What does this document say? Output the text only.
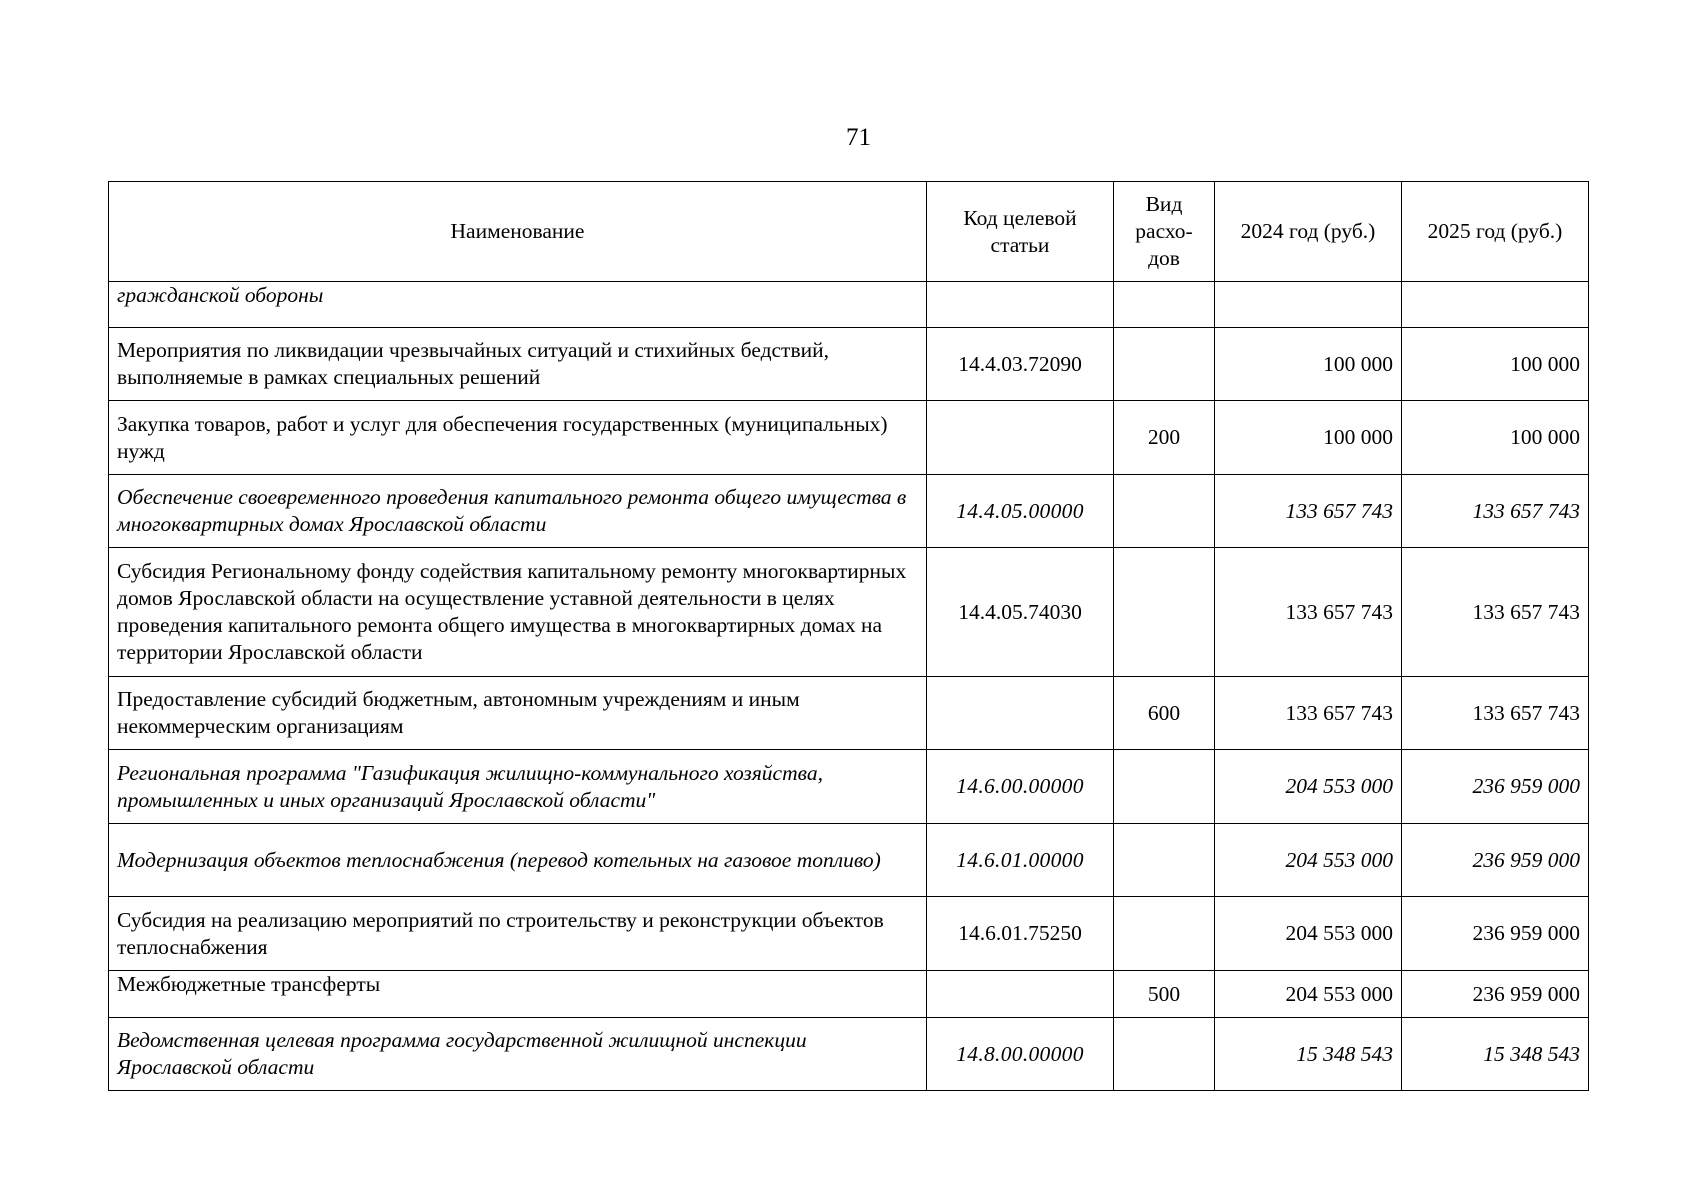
71
Наименование	Код целевой статьи	Вид расхо-дов	2024 год (руб.)	2025 год (руб.)
гражданской обороны				
Мероприятия по ликвидации чрезвычайных ситуаций и стихийных бедствий, выполняемые в рамках специальных решений	14.4.03.72090		100 000	100 000
Закупка товаров, работ и услуг для обеспечения государственных (муниципальных) нужд		200	100 000	100 000
Обеспечение своевременного проведения капитального ремонта общего имущества в многоквартирных домах Ярославской области	14.4.05.00000		133 657 743	133 657 743
Субсидия Региональному фонду содействия капитальному ремонту многоквартирных домов Ярославской области на осуществление уставной деятельности в целях проведения капитального ремонта общего имущества в многоквартирных домах на территории Ярославской области	14.4.05.74030		133 657 743	133 657 743
Предоставление субсидий бюджетным, автономным учреждениям и иным некоммерческим организациям		600	133 657 743	133 657 743
Региональная программа "Газификация жилищно-коммунального хозяйства, промышленных и иных организаций Ярославской области"	14.6.00.00000		204 553 000	236 959 000
Модернизация объектов теплоснабжения (перевод котельных на газовое топливо)	14.6.01.00000		204 553 000	236 959 000
Субсидия на реализацию мероприятий по строительству и реконструкции объектов теплоснабжения	14.6.01.75250		204 553 000	236 959 000
Межбюджетные трансферты		500	204 553 000	236 959 000
Ведомственная целевая программа государственной жилищной инспекции Ярославской области	14.8.00.00000		15 348 543	15 348 543
